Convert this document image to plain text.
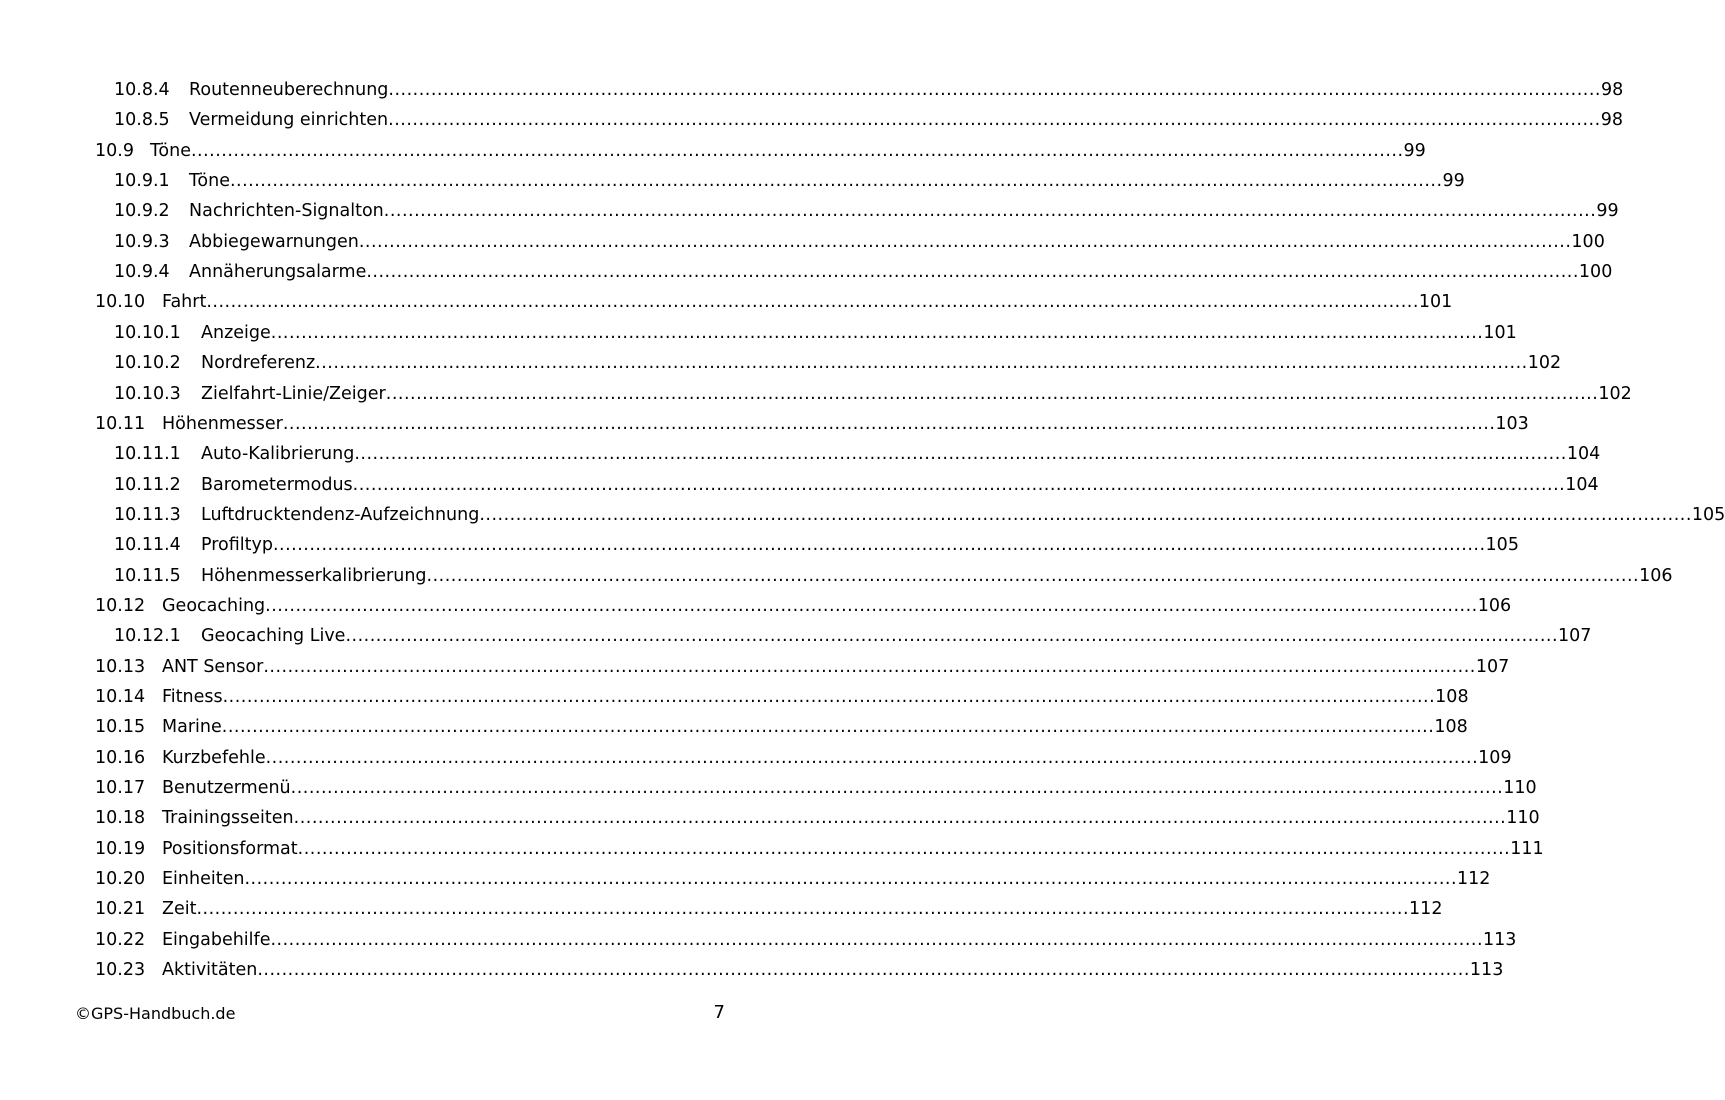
10.8.4	Routenneuberechnung ........................................................................................................................................................................................................ 98
10.8.5	Vermeidung einrichten ........................................................................................................................................................................................................ 98
10.9 Töne ........................................................................................................................................................................................................ 99
10.9.1	Töne ........................................................................................................................................................................................................ 99
10.9.2	Nachrichten-Signalton ........................................................................................................................................................................................................ 99
10.9.3	Abbiegewarnungen ........................................................................................................................................................................................................ 100
10.9.4	Annäherungsalarme ........................................................................................................................................................................................................ 100
10.10 Fahrt ........................................................................................................................................................................................................ 101
10.10.1	Anzeige ........................................................................................................................................................................................................ 101
10.10.2	Nordreferenz ........................................................................................................................................................................................................ 102
10.10.3	Zielfahrt-Linie/Zeiger ........................................................................................................................................................................................................ 102
10.11 Höhenmesser ........................................................................................................................................................................................................ 103
10.11.1	Auto-Kalibrierung ........................................................................................................................................................................................................ 104
10.11.2	Barometermodus ........................................................................................................................................................................................................ 104
10.11.3	Luftdrucktendenz-Aufzeichnung ........................................................................................................................................................................................................ 105
10.11.4	Profiltyp ........................................................................................................................................................................................................ 105
10.11.5	Höhenmesserkalibrierung ........................................................................................................................................................................................................ 106
10.12 Geocaching ........................................................................................................................................................................................................ 106
10.12.1	Geocaching Live ........................................................................................................................................................................................................ 107
10.13 ANT Sensor ........................................................................................................................................................................................................ 107
10.14 Fitness ........................................................................................................................................................................................................ 108
10.15 Marine ........................................................................................................................................................................................................ 108
10.16 Kurzbefehle ........................................................................................................................................................................................................ 109
10.17 Benutzermenü ........................................................................................................................................................................................................ 110
10.18 Trainingsseiten ........................................................................................................................................................................................................ 110
10.19 Positionsformat ........................................................................................................................................................................................................ 111
10.20 Einheiten ........................................................................................................................................................................................................ 112
10.21 Zeit ........................................................................................................................................................................................................ 112
10.22 Eingabehilfe ........................................................................................................................................................................................................ 113
10.23 Aktivitäten ........................................................................................................................................................................................................ 113
©GPS-Handbuch.de	7
